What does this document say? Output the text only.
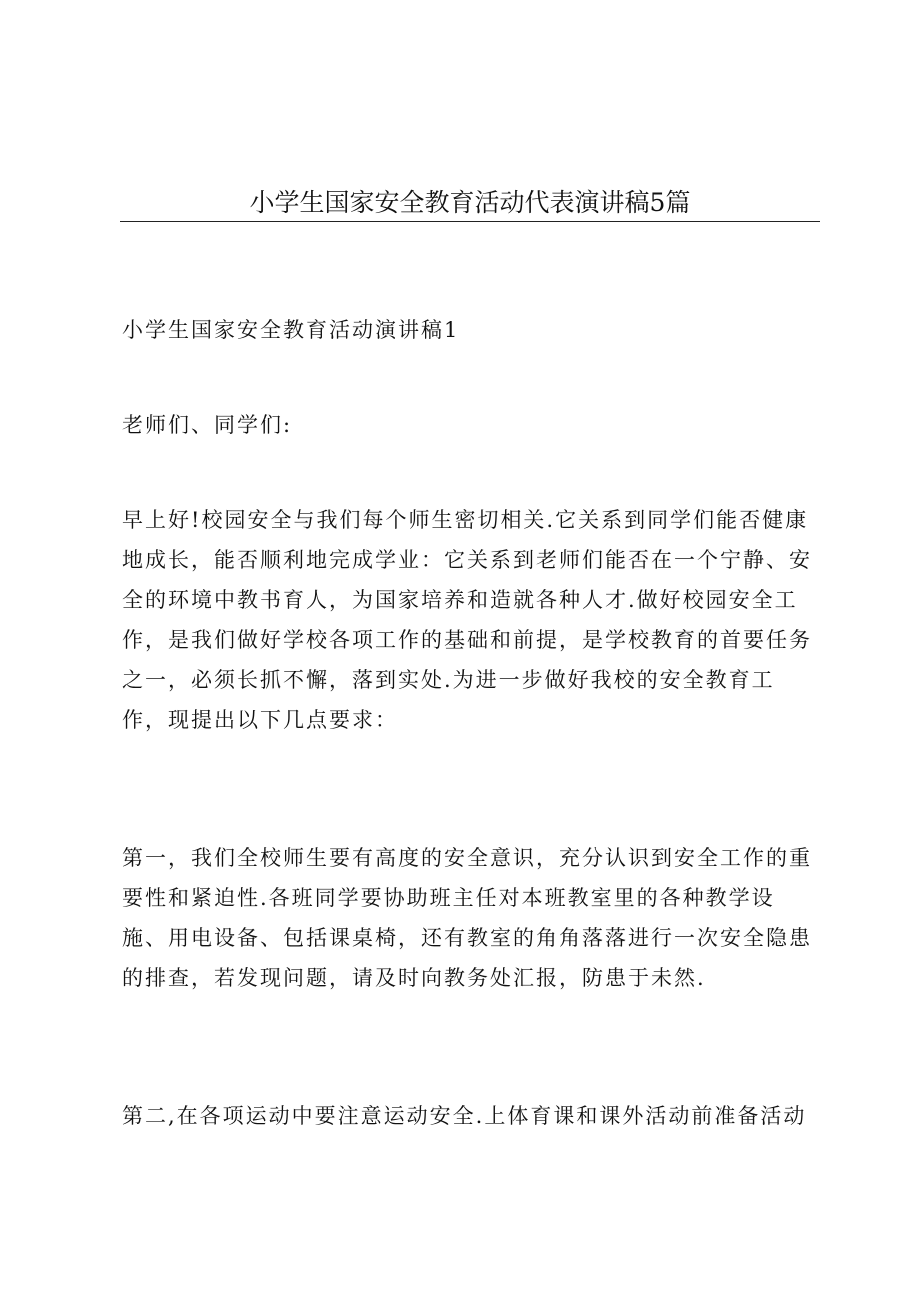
小学生国家安全教育活动代表演讲稿5篇

小学生国家安全教育活动演讲稿1

老师们、同学们:

早上好!校园安全与我们每个师生密切相关.它关系到同学们能否健康
地成长，能否顺利地完成学业：它关系到老师们能否在一个宁静、安
全的环境中教书育人，为国家培养和造就各种人才.做好校园安全工
作，是我们做好学校各项工作的基础和前提，是学校教育的首要任务
之一，必须长抓不懈，落到实处.为进一步做好我校的安全教育工
作，现提出以下几点要求：

第一，我们全校师生要有高度的安全意识，充分认识到安全工作的重
要性和紧迫性.各班同学要协助班主任对本班教室里的各种教学设
施、用电设备、包括课桌椅，还有教室的角角落落进行一次安全隐患
的排查，若发现问题，请及时向教务处汇报，防患于未然.

第二,在各项运动中要注意运动安全.上体育课和课外活动前准备活动
